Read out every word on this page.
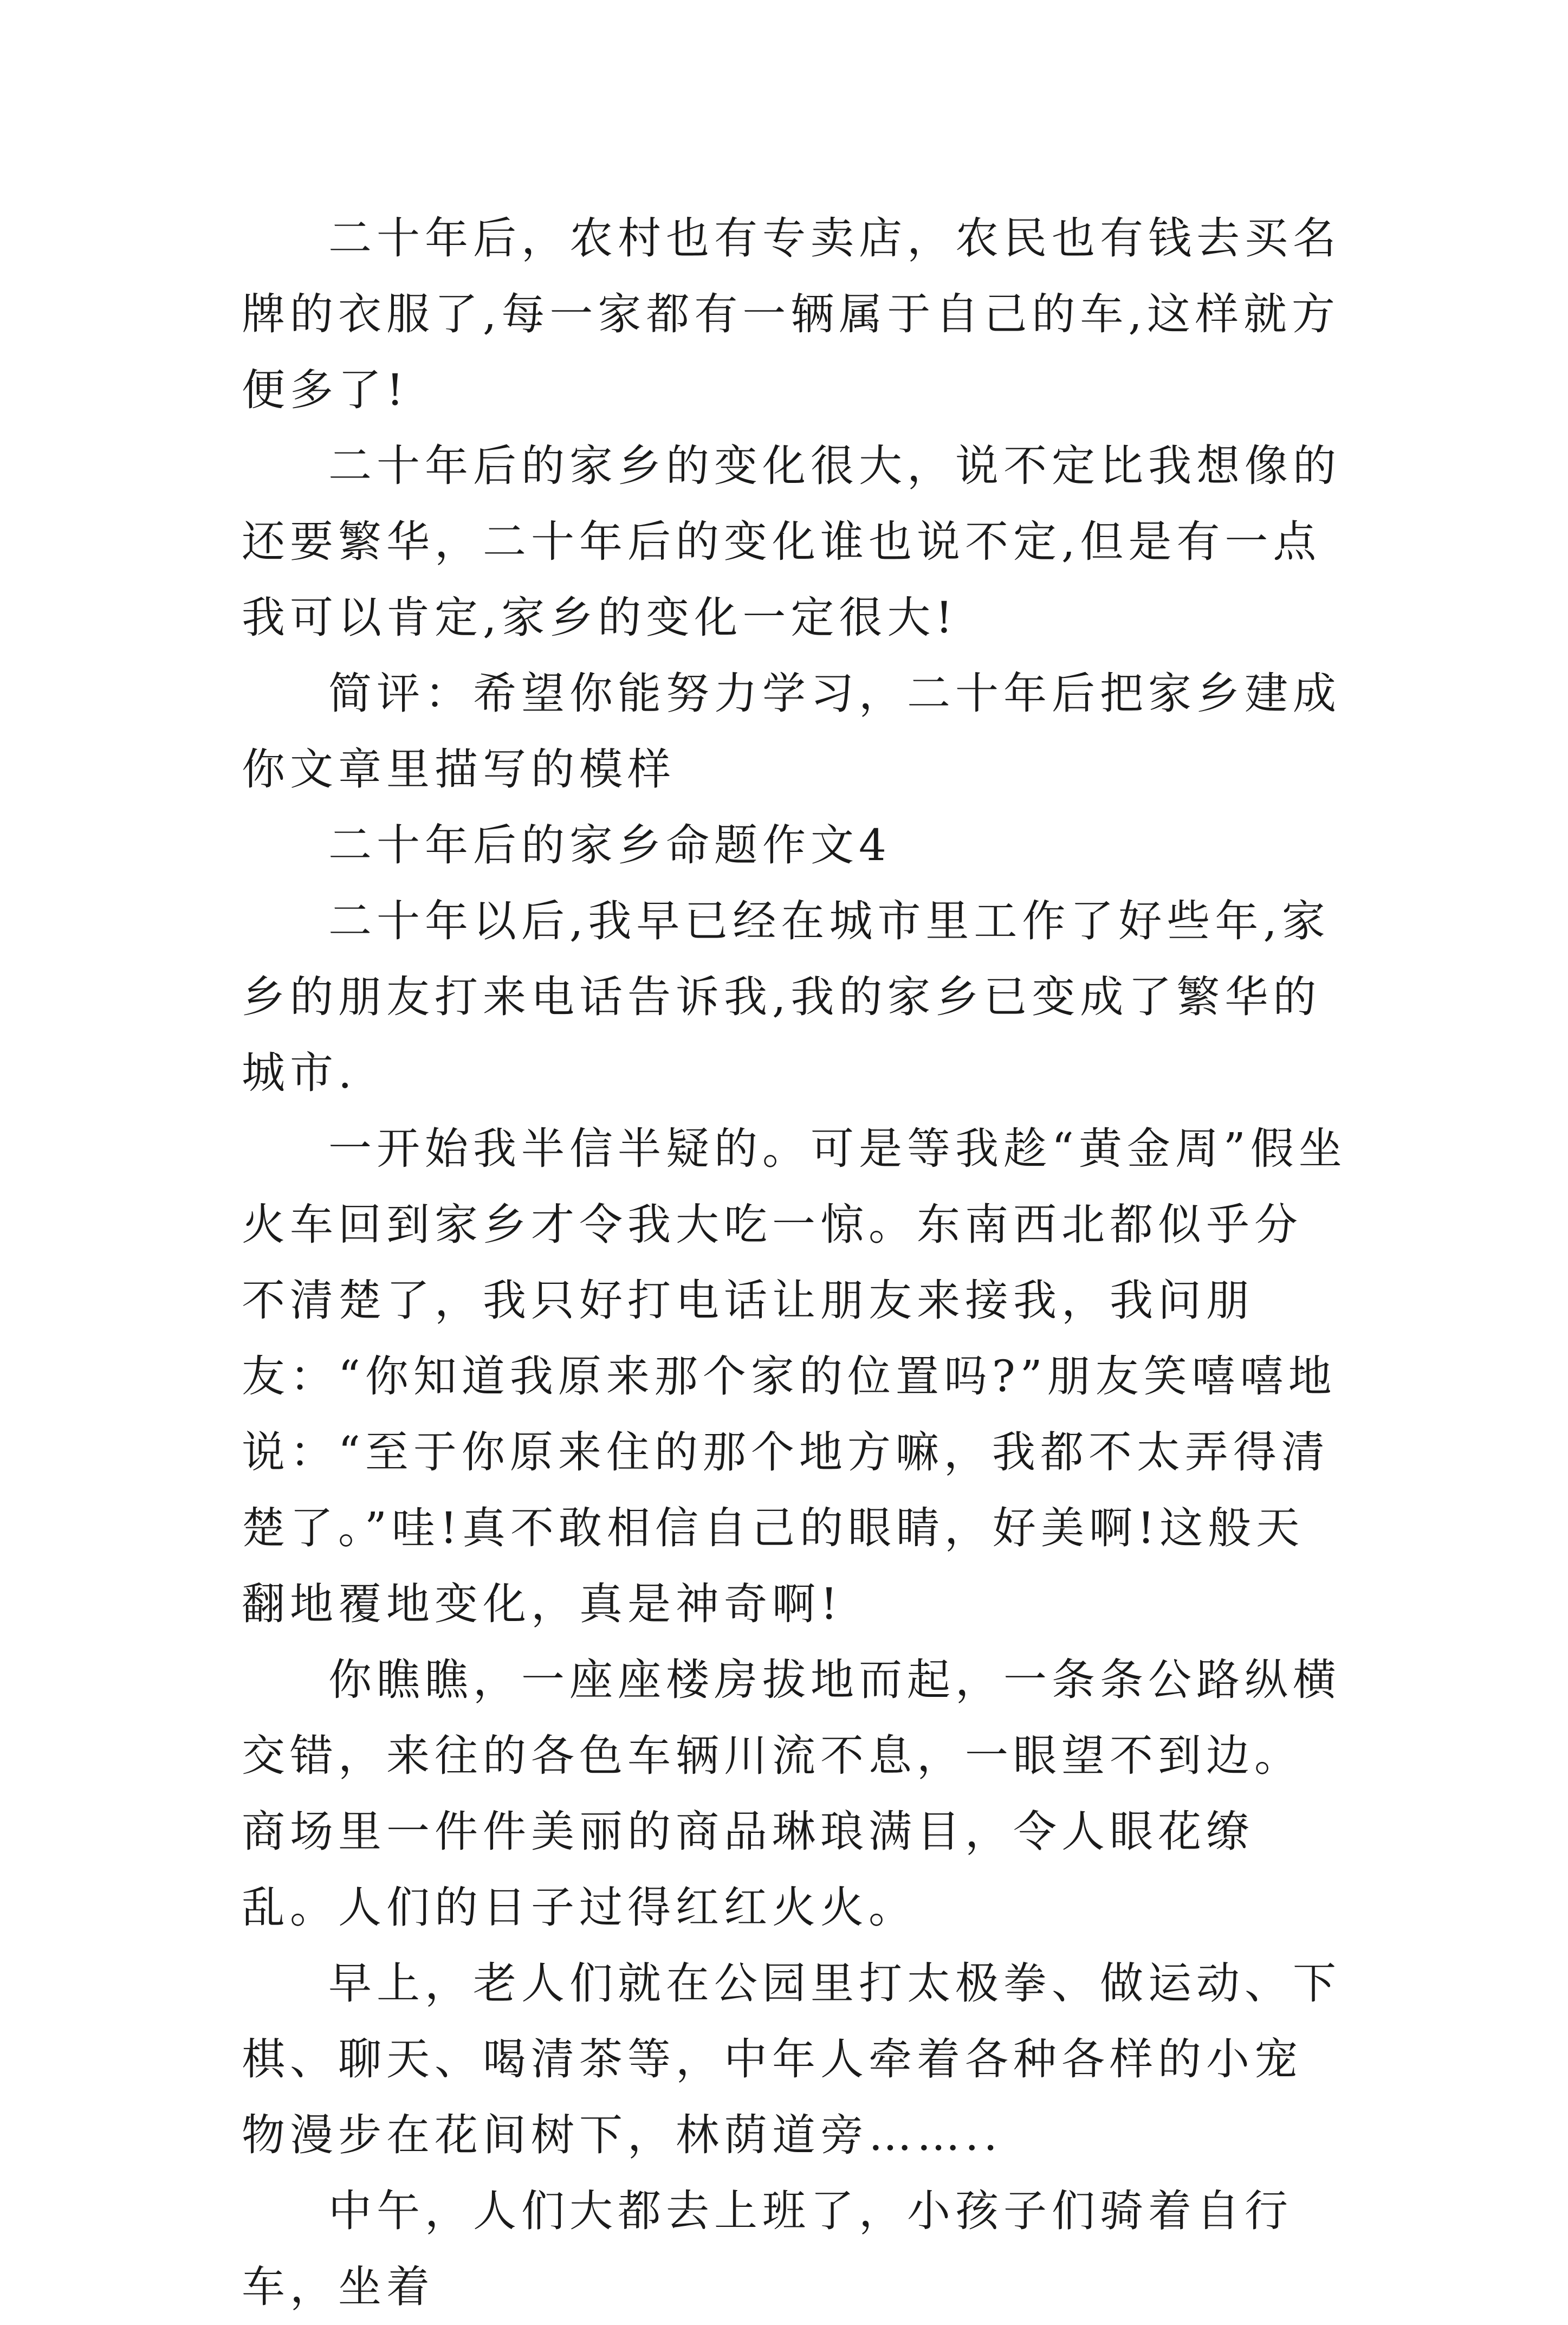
二十年后，农村也有专卖店，农民也有钱去买名牌的衣服了,每一家都有一辆属于自己的车,这样就方便多了!

二十年后的家乡的变化很大，说不定比我想像的还要繁华，二十年后的变化谁也说不定,但是有一点我可以肯定,家乡的变化一定很大!

简评：希望你能努力学习，二十年后把家乡建成你文章里描写的模样

二十年后的家乡命题作文4

二十年以后,我早已经在城市里工作了好些年,家乡的朋友打来电话告诉我,我的家乡已变成了繁华的城市.

一开始我半信半疑的。可是等我趁“黄金周”假坐火车回到家乡才令我大吃一惊。东南西北都似乎分不清楚了，我只好打电话让朋友来接我，我问朋友：“你知道我原来那个家的位置吗?”朋友笑嘻嘻地说：“至于你原来住的那个地方嘛，我都不太弄得清楚了。”哇!真不敢相信自己的眼睛，好美啊!这般天翻地覆地变化，真是神奇啊!

你瞧瞧，一座座楼房拔地而起，一条条公路纵横交错，来往的各色车辆川流不息，一眼望不到边。商场里一件件美丽的商品琳琅满目，令人眼花缭乱。人们的日子过得红红火火。

早上，老人们就在公园里打太极拳、做运动、下棋、聊天、喝清茶等，中年人牵着各种各样的小宠物漫步在花间树下，林荫道旁……..

中午，人们大都去上班了，小孩子们骑着自行车，坐着
